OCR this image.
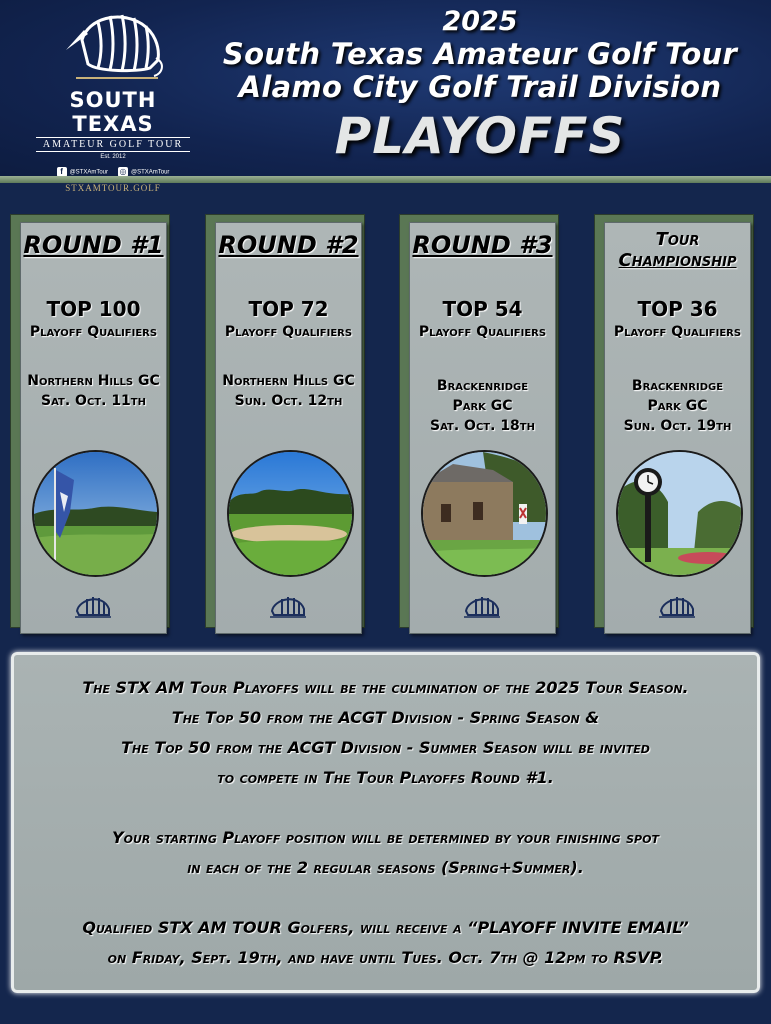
SOUTH TEXAS
AMATEUR GOLF TOUR
Est. 2012
f @STXAmTour ◎ @STXAmTour
STXAMTOUR.GOLF
2025
South Texas Amateur Golf Tour
Alamo City Golf Trail Division
PLAYOFFS
ROUND #1
TOP 100
Playoff Qualifiers
Northern Hills GC
Sat. Oct. 11th
ROUND #2
TOP 72
Playoff Qualifiers
Northern Hills GC
Sun. Oct. 12th
ROUND #3
TOP 54
Playoff Qualifiers
Brackenridge
Park GC
Sat. Oct. 18th
Tour
Championship
TOP 36
Playoff Qualifiers
Brackenridge
Park GC
Sun. Oct. 19th

The STX AM Tour Playoffs will be the culmination of the 2025 Tour Season.

The Top 50 from the ACGT Division - Spring Season &

The Top 50 from the ACGT Division - Summer Season will be invited

to compete in The Tour Playoffs Round #1.

Your starting Playoff position will be determined by your finishing spot

in each of the 2 regular seasons (Spring+Summer).

Qualified STX AM TOUR Golfers, will receive a “PLAYOFF INVITE EMAIL”

on Friday, Sept. 19th, and have until Tues. Oct. 7th @ 12pm to RSVP.
